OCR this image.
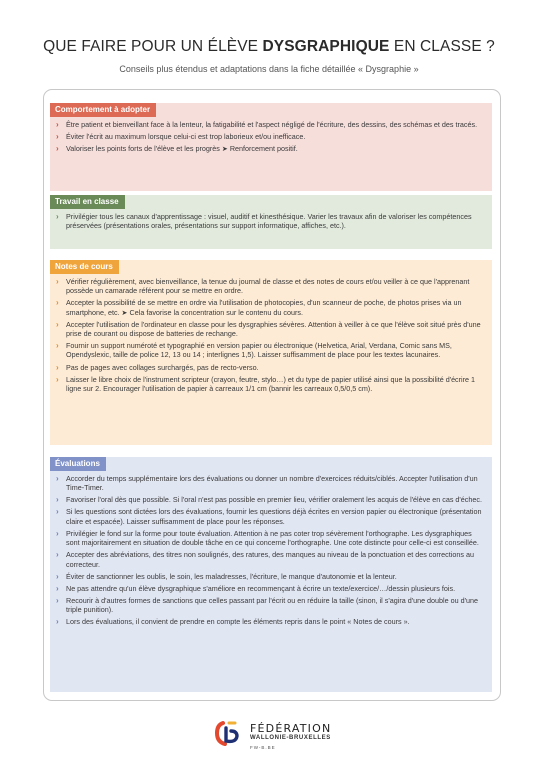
QUE FAIRE POUR UN ÉLÈVE DYSGRAPHIQUE EN CLASSE ?
Conseils plus étendus et adaptations dans la fiche détaillée « Dysgraphie »
Comportement à adopter
› Être patient et bienveillant face à la lenteur, la fatigabilité et l'aspect négligé de l'écriture, des dessins, des schémas et des tracés.
› Éviter l'écrit au maximum lorsque celui-ci est trop laborieux et/ou inefficace.
› Valoriser les points forts de l'élève et les progrès ➤ Renforcement positif.
Travail en classe
› Privilégier tous les canaux d'apprentissage : visuel, auditif et kinesthésique. Varier les travaux afin de valoriser les compétences préservées (présentations orales, présentations sur support informatique, affiches, etc.).
Notes de cours
› Vérifier régulièrement, avec bienveillance, la tenue du journal de classe et des notes de cours et/ou veiller à ce que l'apprenant possède un camarade référent pour se mettre en ordre.
› Accepter la possibilité de se mettre en ordre via l'utilisation de photocopies, d'un scanneur de poche, de photos prises via un smartphone, etc. ➤ Cela favorise la concentration sur le contenu du cours.
› Accepter l'utilisation de l'ordinateur en classe pour les dysgraphies sévères. Attention à veiller à ce que l'élève soit situé près d'une prise de courant ou dispose de batteries de rechange.
› Fournir un support numéroté et typographié en version papier ou électronique (Helvetica, Arial, Verdana, Comic sans MS, Opendyslexic, taille de police 12, 13 ou 14 ; interlignes 1,5). Laisser suffisamment de place pour les textes lacunaires.
› Pas de pages avec collages surchargés, pas de recto-verso.
› Laisser le libre choix de l'instrument scripteur (crayon, feutre, stylo…) et du type de papier utilisé ainsi que la possibilité d'écrire 1 ligne sur 2. Encourager l'utilisation de papier à carreaux 1/1 cm (bannir les carreaux 0,5/0,5 cm).
Évaluations
› Accorder du temps supplémentaire lors des évaluations ou donner un nombre d'exercices réduits/ciblés. Accepter l'utilisation d'un Time-Timer.
› Favoriser l'oral dès que possible. Si l'oral n'est pas possible en premier lieu, vérifier oralement les acquis de l'élève en cas d'échec.
› Si les questions sont dictées lors des évaluations, fournir les questions déjà écrites en version papier ou électronique (présentation claire et espacée). Laisser suffisamment de place pour les réponses.
› Privilégier le fond sur la forme pour toute évaluation. Attention à ne pas coter trop sévèrement l'orthographe. Les dysgraphiques sont majoritairement en situation de double tâche en ce qui concerne l'orthographe. Une cote distincte pour celle-ci est conseillée.
› Accepter des abréviations, des titres non soulignés, des ratures, des manques au niveau de la ponctuation et des corrections au correcteur.
› Éviter de sanctionner les oublis, le soin, les maladresses, l'écriture, le manque d'autonomie et la lenteur.
› Ne pas attendre qu'un élève dysgraphique s'améliore en recommençant à écrire un texte/exercice/…/dessin plusieurs fois.
› Recourir à d'autres formes de sanctions que celles passant par l'écrit ou en réduire la taille (sinon, il s'agira d'une double ou d'une triple punition).
› Lors des évaluations, il convient de prendre en compte les éléments repris dans le point « Notes de cours ».
FÉDÉRATION
WALLONIE-BRUXELLES
FW-B.BE
